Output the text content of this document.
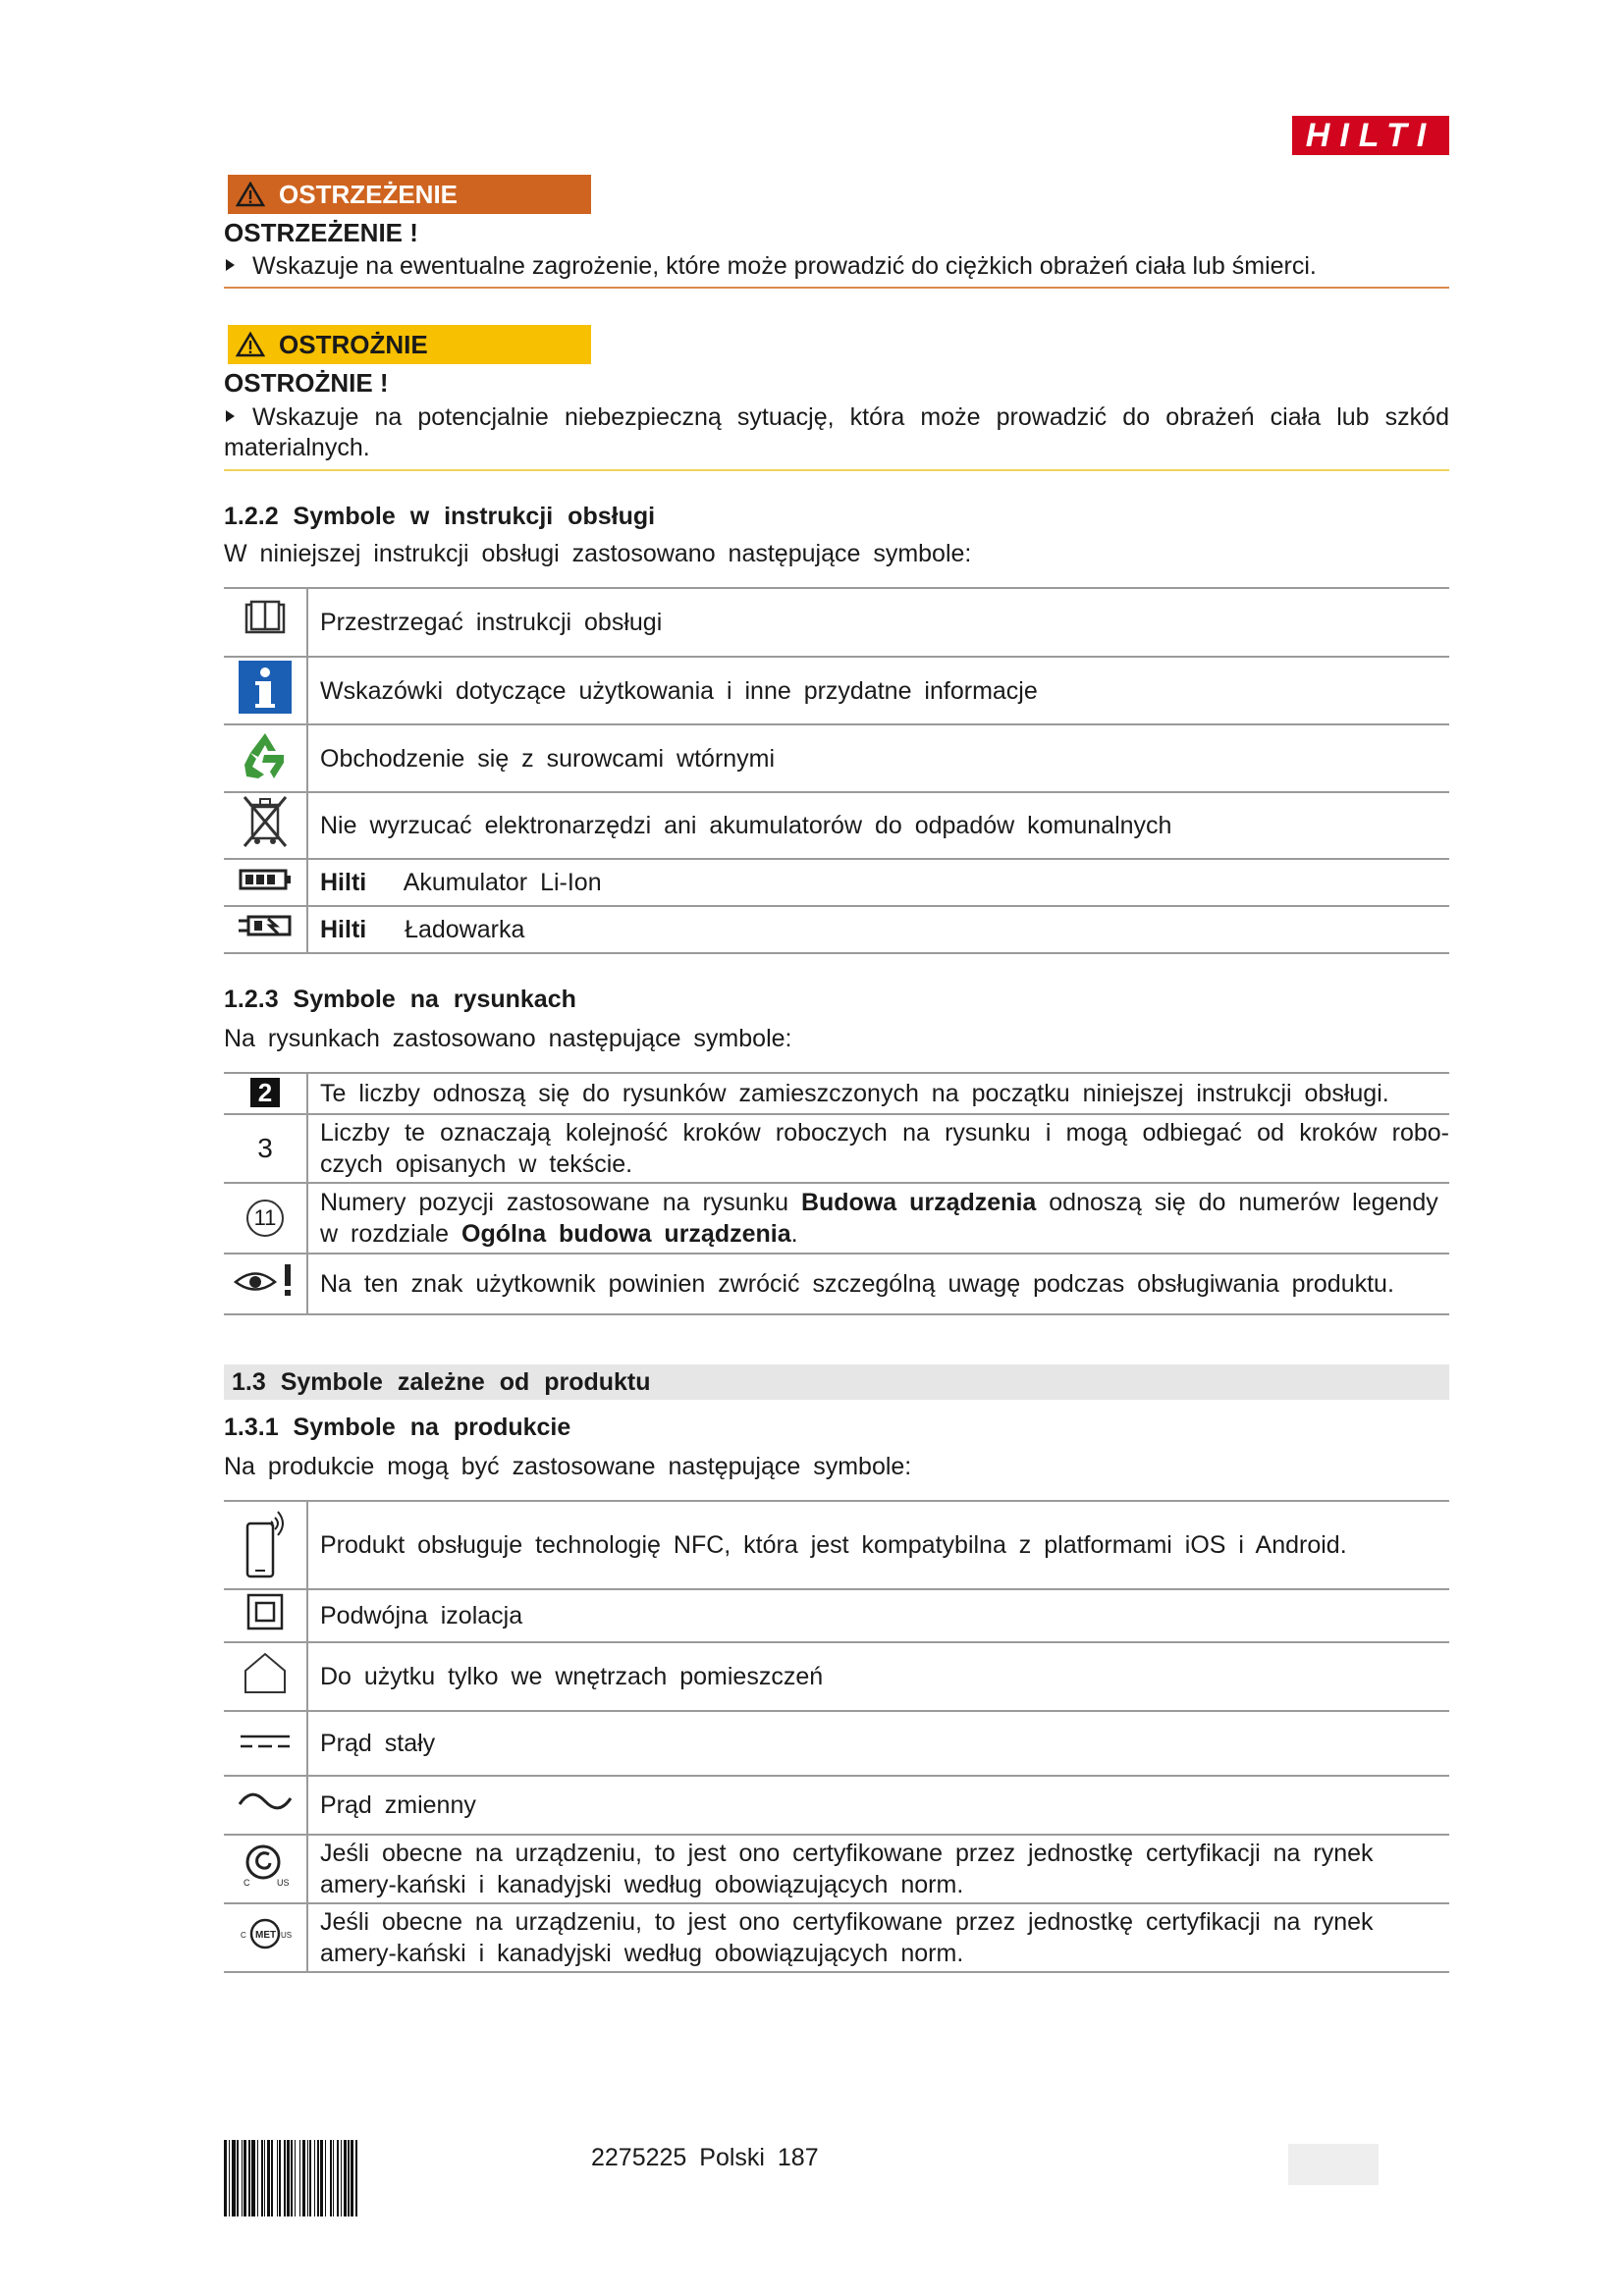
HILTI
OSTRZEŻENIE
OSTRZEŻENIE !
Wskazuje na ewentualne zagrożenie, które może prowadzić do ciężkich obrażeń ciała lub śmierci.
OSTROŻNIE
OSTROŻNIE !
Wskazuje na potencjalnie niebezpieczną sytuację, która może prowadzić do obrażeń ciała lub szkód materialnych.
1.2.2 Symbole w instrukcji obsługi
W niniejszej instrukcji obsługi zastosowano następujące symbole:
	Przestrzegać instrukcji obsługi
	Wskazówki dotyczące użytkowania i inne przydatne informacje
	Obchodzenie się z surowcami wtórnymi
	Nie wyrzucać elektronarzędzi ani akumulatorów do odpadów komunalnych
	Hilti Akumulator Li-Ion
	Hilti Ładowarka
1.2.3 Symbole na rysunkach
Na rysunkach zastosowano następujące symbole:
2	Te liczby odnoszą się do rysunków zamieszczonych na początku niniejszej instrukcji obsługi.
3	Liczby te oznaczają kolejność kroków roboczych na rysunku i mogą odbiegać od kroków robo-czych opisanych w tekście.
11	Numery pozycji zastosowane na rysunku Budowa urządzenia odnoszą się do numerów legendy w rozdziale Ogólna budowa urządzenia.
	Na ten znak użytkownik powinien zwrócić szczególną uwagę podczas obsługiwania produktu.
1.3 Symbole zależne od produktu
1.3.1 Symbole na produkcie
Na produkcie mogą być zastosowane następujące symbole:
	Produkt obsługuje technologię NFC, która jest kompatybilna z platformami iOS i Android.
	Podwójna izolacja
	Do użytku tylko we wnętrzach pomieszczeń
	Prąd stały
	Prąd zmienny

C US	Jeśli obecne na urządzeniu, to jest ono certyfikowane przez jednostkę certyfikacji na rynek amery-kański i kanadyjski według obowiązujących norm.

MET
C US	Jeśli obecne na urządzeniu, to jest ono certyfikowane przez jednostkę certyfikacji na rynek amery-kański i kanadyjski według obowiązujących norm.
2275225 Polski 187
